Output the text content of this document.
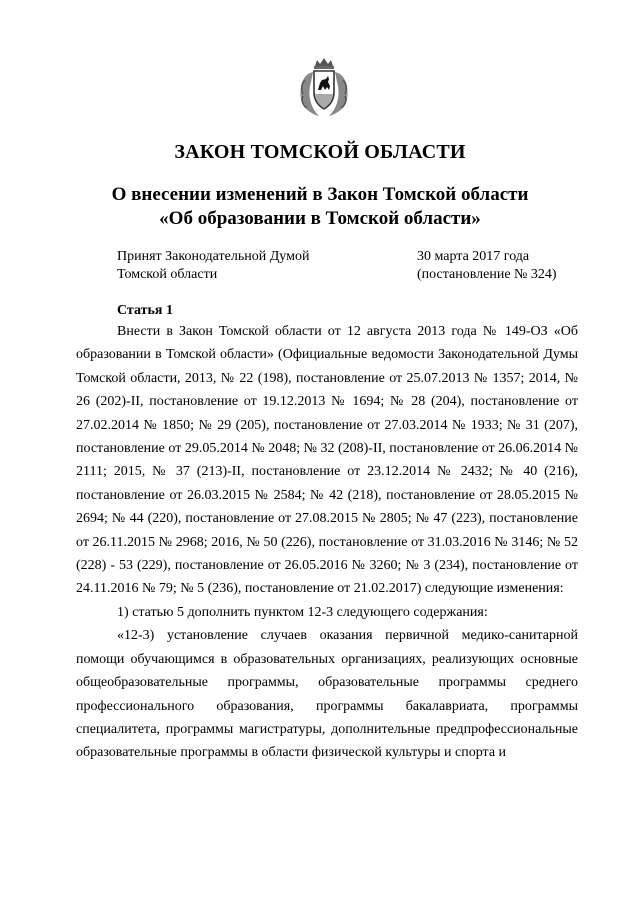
ЗАКОН ТОМСКОЙ ОБЛАСТИ
О внесении изменений в Закон Томской области
«Об образовании в Томской области»
Принят Законодательной Думой
Томской области
30 марта 2017 года
(постановление № 324)
Статья 1

Внести в Закон Томской области от 12 августа 2013 года № 149-ОЗ «Об образовании в Томской области» (Официальные ведомости Законодательной Думы Томской области, 2013, № 22 (198), постановление от 25.07.2013 № 1357; 2014, № 26 (202)-II, постановление от 19.12.2013 № 1694; № 28 (204), постановление от 27.02.2014 № 1850; № 29 (205), постановление от 27.03.2014 № 1933; № 31 (207), постановление от 29.05.2014 № 2048; № 32 (208)-II, постановление от 26.06.2014 № 2111; 2015, № 37 (213)-II, постановление от 23.12.2014 № 2432; № 40 (216), постановление от 26.03.2015 № 2584; № 42 (218), постановление от 28.05.2015 № 2694; № 44 (220), постановление от 27.08.2015 № 2805; № 47 (223), постановление от 26.11.2015 № 2968; 2016, № 50 (226), постановление от 31.03.2016 № 3146; № 52 (228) - 53 (229), постановление от 26.05.2016 № 3260; № 3 (234), постановление от 24.11.2016 № 79; № 5 (236), постановление от 21.02.2017) следующие изменения:

1) статью 5 дополнить пунктом 12-3 следующего содержания:

«12-3) установление случаев оказания первичной медико-санитарной помощи обучающимся в образовательных организациях, реализующих основные общеобразовательные программы, образовательные программы среднего профессионального образования, программы бакалавриата, программы специалитета, программы магистратуры, дополнительные предпрофессиональные образовательные программы в области физической культуры и спорта и
